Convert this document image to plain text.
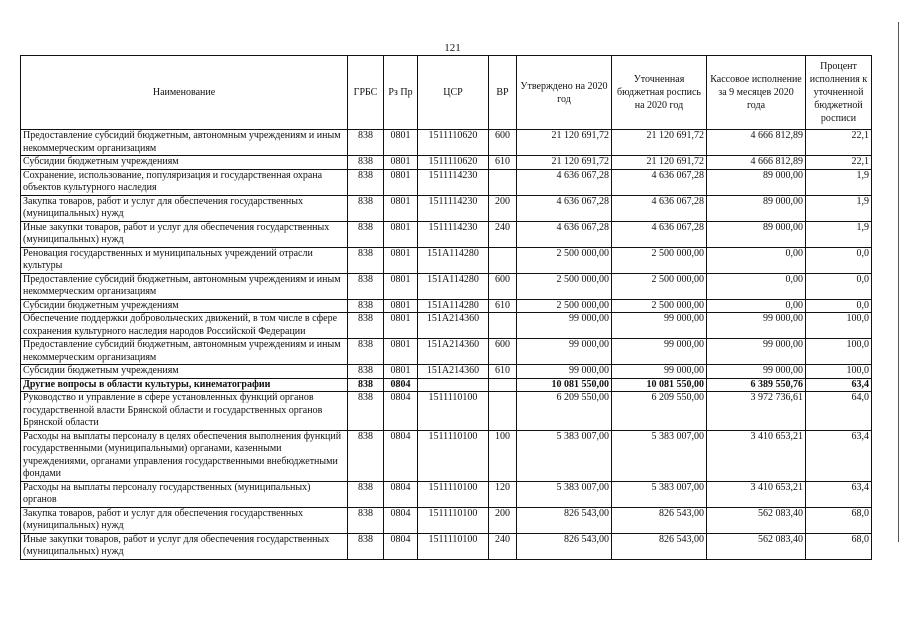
121
Наименование	ГРБС	Рз Пр	ЦСР	ВР	Утверждено на 2020 год	Уточненная бюджетная роспись на 2020 год	Кассовое исполнение за 9 месяцев 2020 года	Процент исполнения к уточненной бюджетной росписи
Предоставление субсидий бюджетным, автономным учреждениям и иным некоммерческим организациям	838	0801	1511110620	600	21 120 691,72	21 120 691,72	4 666 812,89	22,1
Субсидии бюджетным учреждениям	838	0801	1511110620	610	21 120 691,72	21 120 691,72	4 666 812,89	22,1
Сохранение, использование, популяризация и государственная охрана объектов культурного наследия	838	0801	1511114230		4 636 067,28	4 636 067,28	89 000,00	1,9
Закупка товаров, работ и услуг для обеспечения государственных (муниципальных) нужд	838	0801	1511114230	200	4 636 067,28	4 636 067,28	89 000,00	1,9
Иные закупки товаров, работ и услуг для обеспечения государственных (муниципальных) нужд	838	0801	1511114230	240	4 636 067,28	4 636 067,28	89 000,00	1,9
Реновация государственных и муниципальных учреждений отрасли культуры	838	0801	151А114280		2 500 000,00	2 500 000,00	0,00	0,0
Предоставление субсидий бюджетным, автономным учреждениям и иным некоммерческим организациям	838	0801	151А114280	600	2 500 000,00	2 500 000,00	0,00	0,0
Субсидии бюджетным учреждениям	838	0801	151А114280	610	2 500 000,00	2 500 000,00	0,00	0,0
Обеспечение поддержки добровольческих движений, в том числе в сфере сохранения культурного наследия народов Российской Федерации	838	0801	151А214360		99 000,00	99 000,00	99 000,00	100,0
Предоставление субсидий бюджетным, автономным учреждениям и иным некоммерческим организациям	838	0801	151А214360	600	99 000,00	99 000,00	99 000,00	100,0
Субсидии бюджетным учреждениям	838	0801	151А214360	610	99 000,00	99 000,00	99 000,00	100,0
Другие вопросы в области культуры, кинематографии	838	0804			10 081 550,00	10 081 550,00	6 389 550,76	63,4
Руководство и управление в сфере установленных функций органов государственной власти Брянской области и государственных органов Брянской области	838	0804	1511110100		6 209 550,00	6 209 550,00	3 972 736,61	64,0
Расходы на выплаты персоналу в целях обеспечения выполнения функций государственными (муниципальными) органами, казенными учреждениями, органами управления государственными внебюджетными фондами	838	0804	1511110100	100	5 383 007,00	5 383 007,00	3 410 653,21	63,4
Расходы на выплаты персоналу государственных (муниципальных) органов	838	0804	1511110100	120	5 383 007,00	5 383 007,00	3 410 653,21	63,4
Закупка товаров, работ и услуг для обеспечения государственных (муниципальных) нужд	838	0804	1511110100	200	826 543,00	826 543,00	562 083,40	68,0
Иные закупки товаров, работ и услуг для обеспечения государственных (муниципальных) нужд	838	0804	1511110100	240	826 543,00	826 543,00	562 083,40	68,0
